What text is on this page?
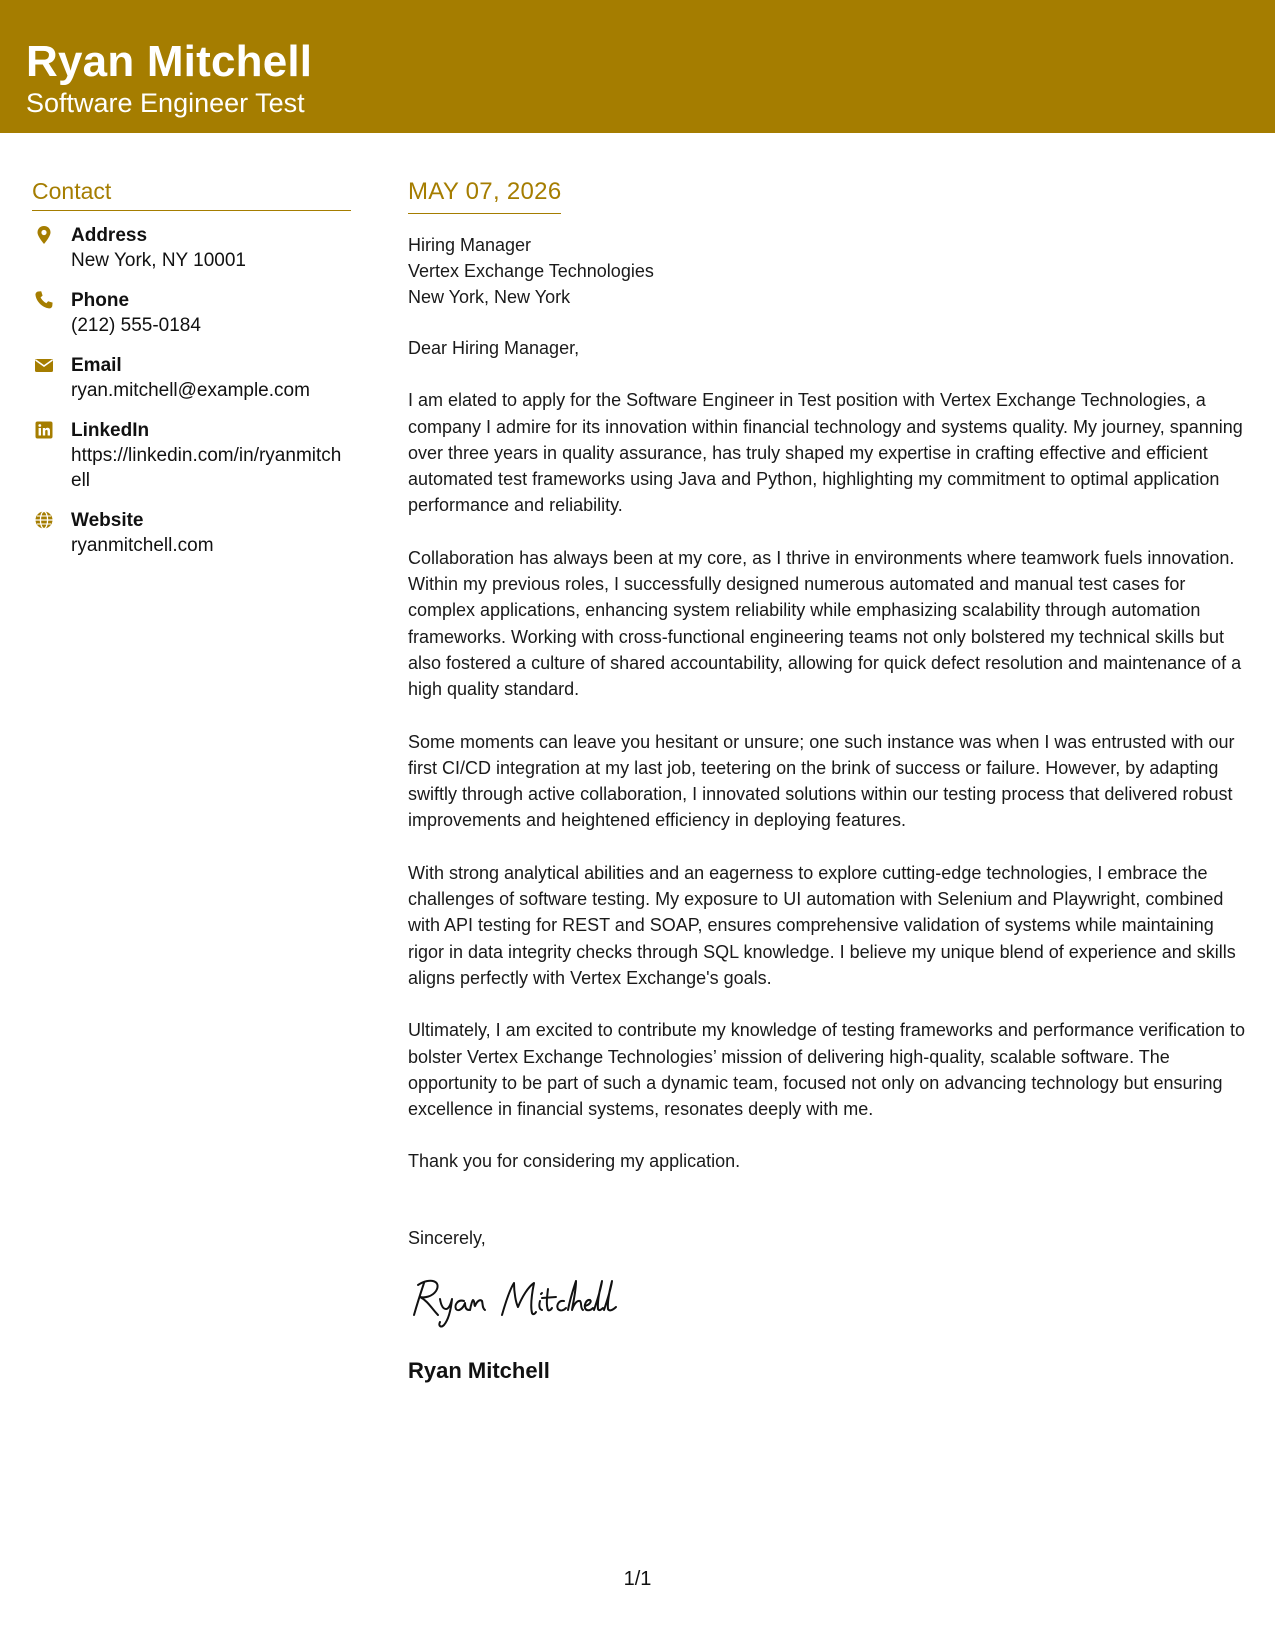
Ryan Mitchell
Software Engineer Test
Contact
Address
New York, NY 10001
Phone
(212) 555-0184
Email
ryan.mitchell@example.com
LinkedIn
https://linkedin.com/in/ryanmitchell
Website
ryanmitchell.com
MAY 07, 2026
Hiring Manager
Vertex Exchange Technologies
New York, New York

Dear Hiring Manager,

I am elated to apply for the Software Engineer in Test position with Vertex Exchange Technologies, a company I admire for its innovation within financial technology and systems quality. My journey, spanning over three years in quality assurance, has truly shaped my expertise in crafting effective and efficient automated test frameworks using Java and Python, highlighting my commitment to optimal application performance and reliability.

Collaboration has always been at my core, as I thrive in environments where teamwork fuels innovation. Within my previous roles, I successfully designed numerous automated and manual test cases for complex applications, enhancing system reliability while emphasizing scalability through automation frameworks. Working with cross-functional engineering teams not only bolstered my technical skills but also fostered a culture of shared accountability, allowing for quick defect resolution and maintenance of a high quality standard.

Some moments can leave you hesitant or unsure; one such instance was when I was entrusted with our first CI/CD integration at my last job, teetering on the brink of success or failure. However, by adapting swiftly through active collaboration, I innovated solutions within our testing process that delivered robust improvements and heightened efficiency in deploying features.

With strong analytical abilities and an eagerness to explore cutting-edge technologies, I embrace the challenges of software testing. My exposure to UI automation with Selenium and Playwright, combined with API testing for REST and SOAP, ensures comprehensive validation of systems while maintaining rigor in data integrity checks through SQL knowledge. I believe my unique blend of experience and skills aligns perfectly with Vertex Exchange's goals.

Ultimately, I am excited to contribute my knowledge of testing frameworks and performance verification to bolster Vertex Exchange Technologies’ mission of delivering high-quality, scalable software. The opportunity to be part of such a dynamic team, focused not only on advancing technology but ensuring excellence in financial systems, resonates deeply with me.

Thank you for considering my application.

Sincerely,

Ryan Mitchell
1/1
